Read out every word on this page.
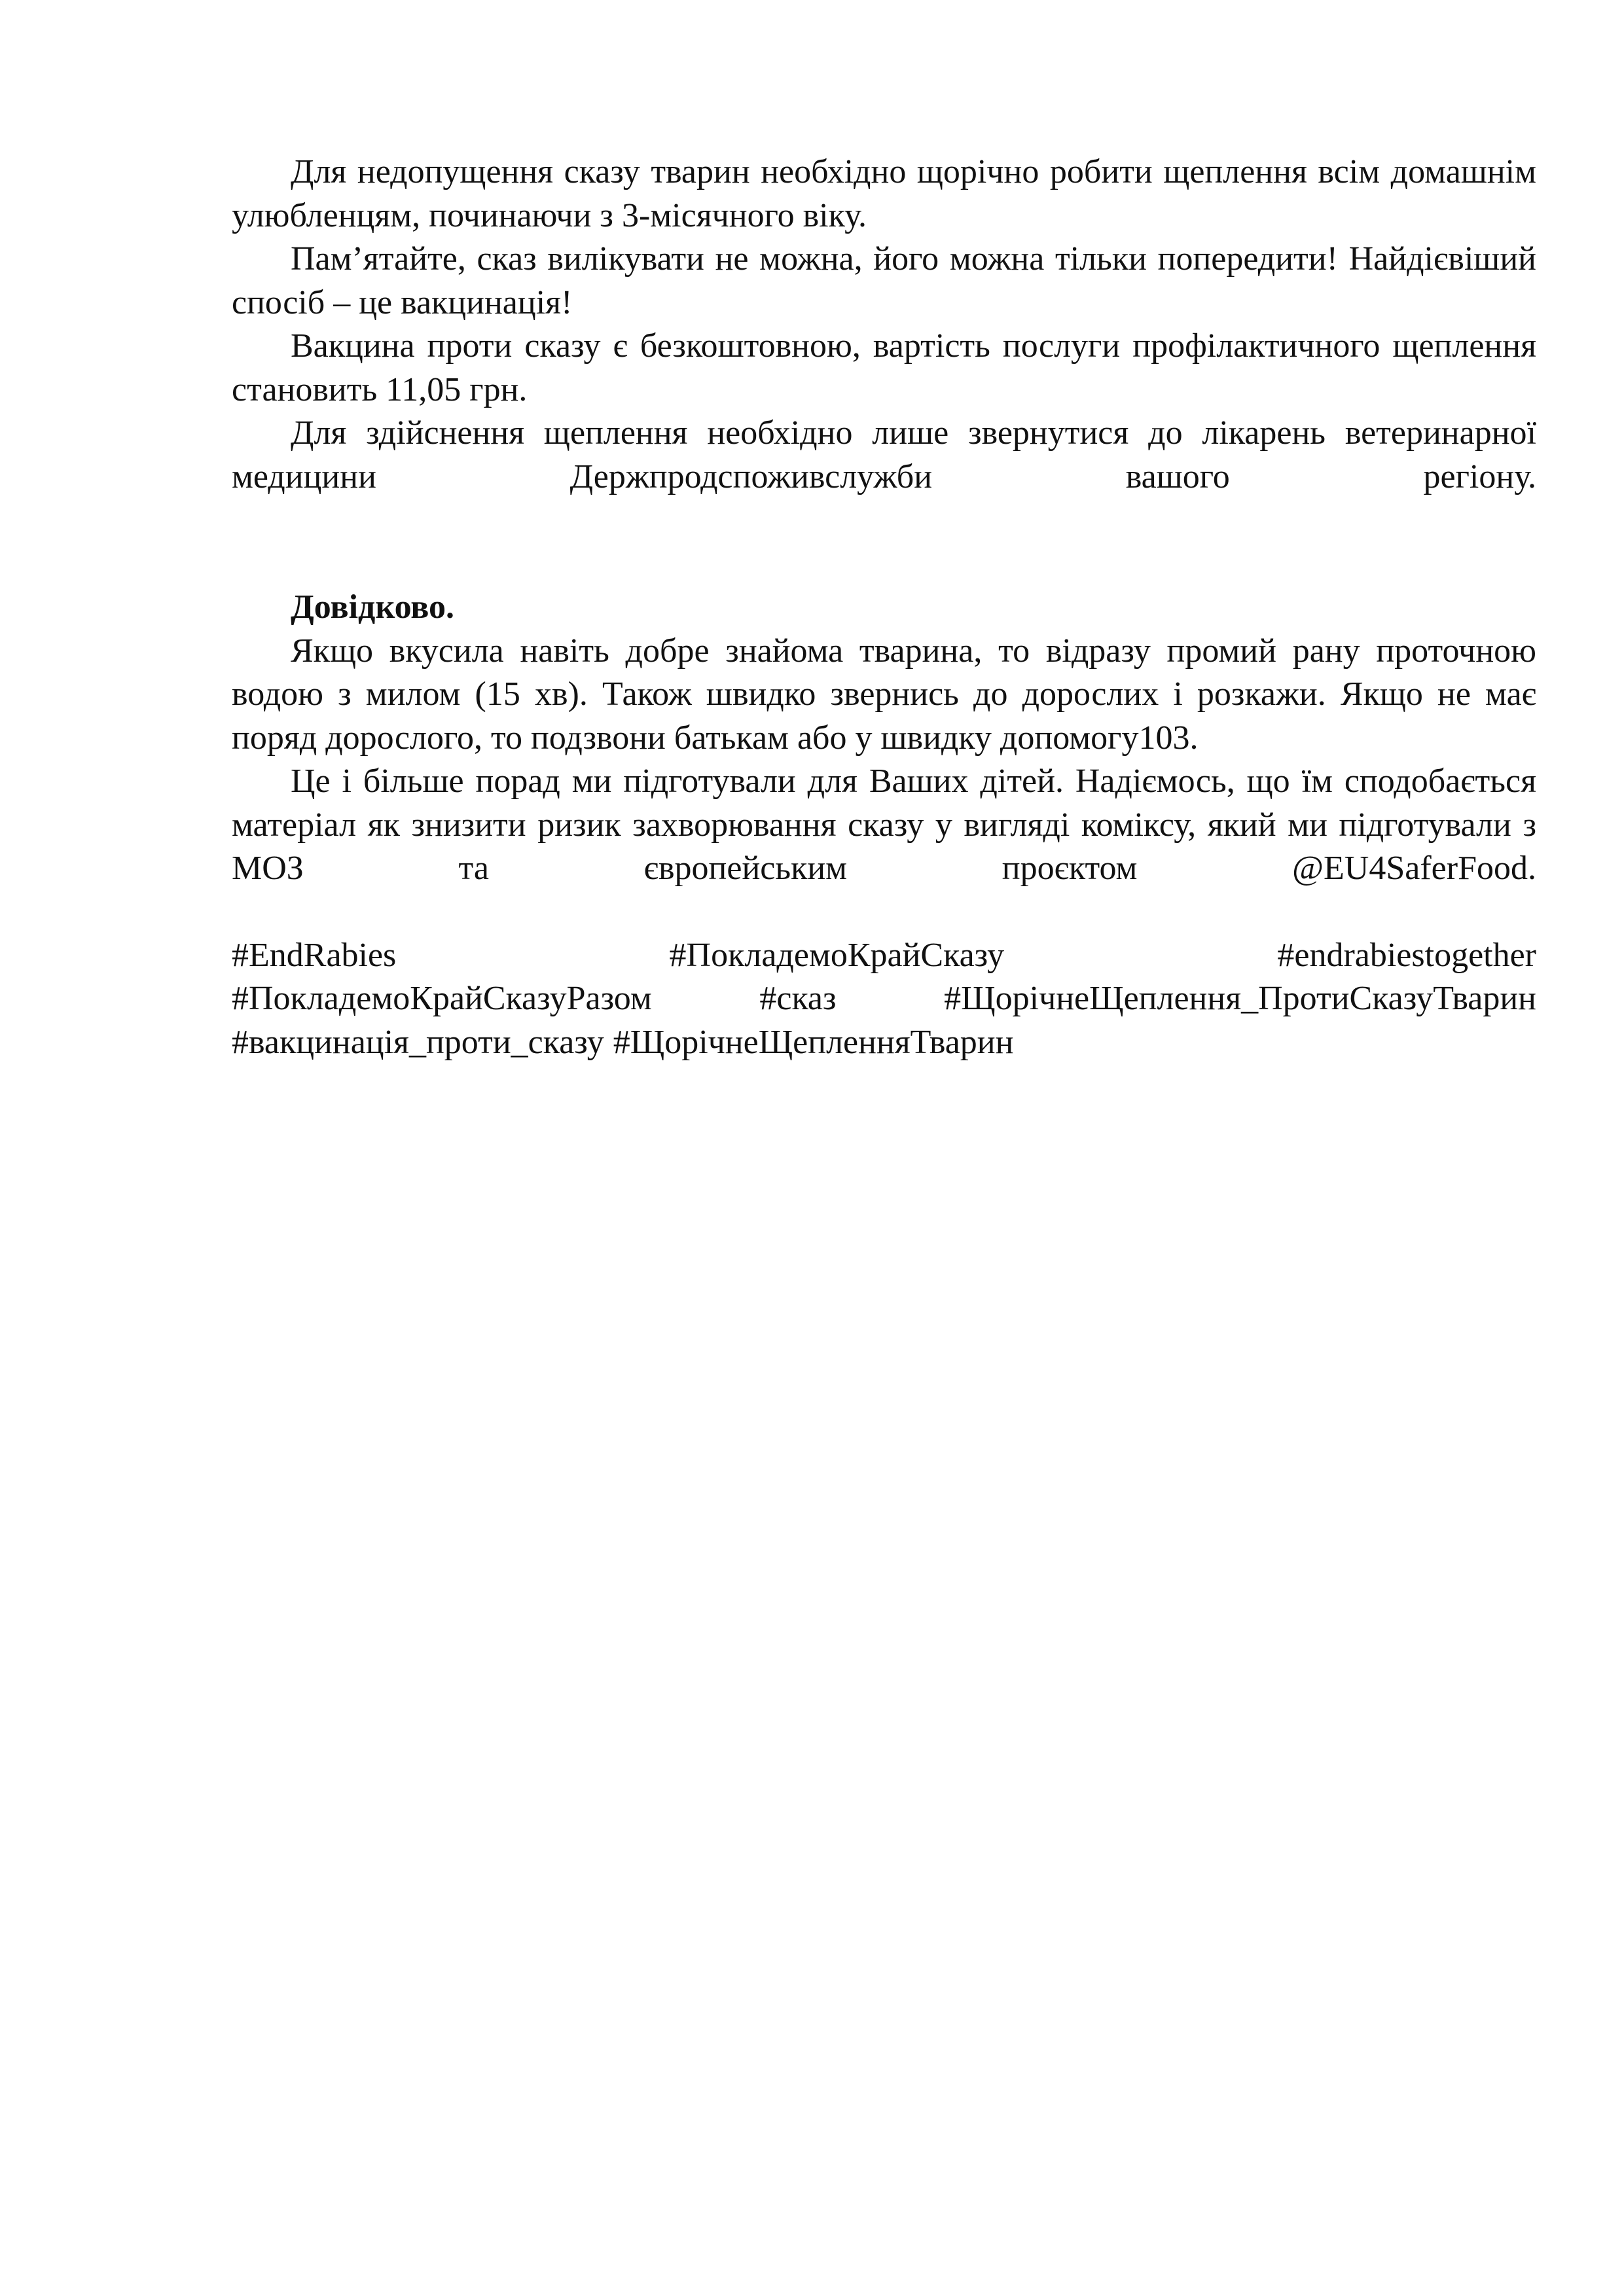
Для недопущення сказу тварин необхідно щорічно робити щеплення всім домашнім улюбленцям, починаючи з 3-місячного віку.

Пам’ятайте, сказ вилікувати не можна, його можна тільки попередити! Найдієвіший спосіб – це вакцинація!

Вакцина проти сказу є безкоштовною, вартість послуги профілактичного щеплення становить 11,05 грн.

Для здійснення щеплення необхідно лише звернутися до лікарень ветеринарної медицини Держпродспоживслужби вашого регіону.

Довідково.

Якщо вкусила навіть добре знайома тварина, то відразу промий рану проточною водою з милом (15 хв). Також швидко звернись до дорослих і розкажи. Якщо не має поряд дорослого, то подзвони батькам або у швидку допомогу103.

Це і більше порад ми підготували для Ваших дітей. Надіємось, що їм сподобається матеріал як знизити ризик захворювання сказу у вигляді коміксу, який ми підготували з МОЗ та європейським проєктом @EU4SaferFood.

#EndRabies	#ПокладемоКрайСказу	#endrabiestogether
#ПокладемоКрайСказуРазом	#сказ	#ЩорічнеЩеплення_ПротиСказуТварин
#вакцинація_проти_сказу #ЩорічнеЩепленняТварин
